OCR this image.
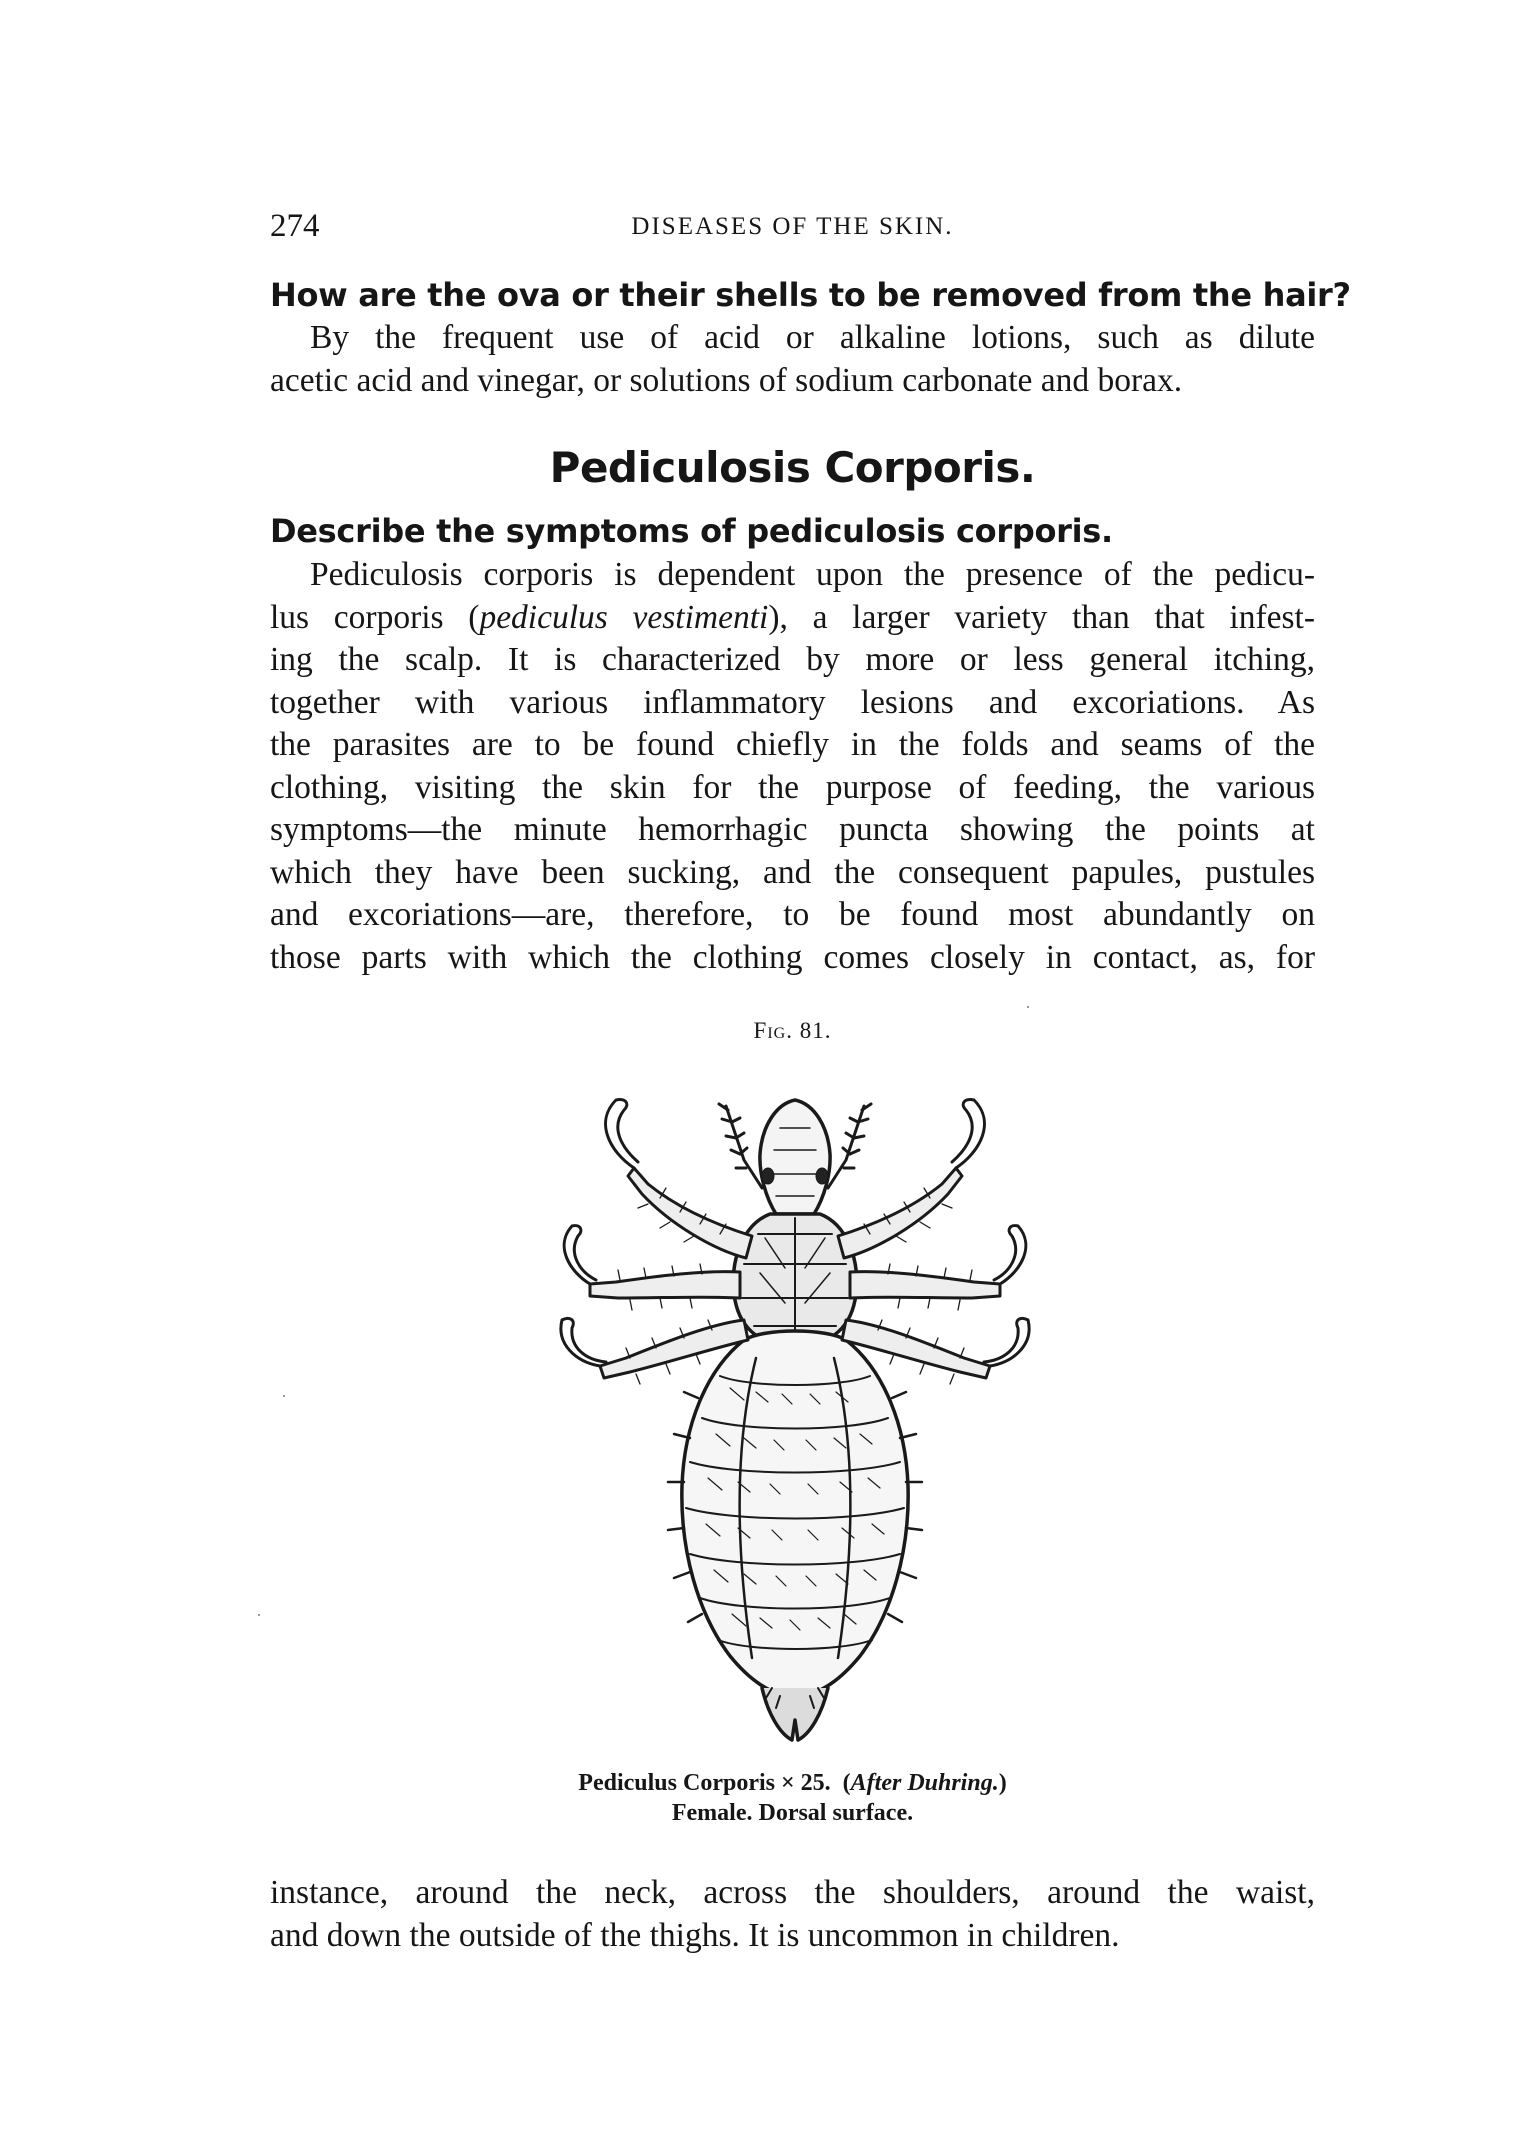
274	DISEASES OF THE SKIN.
How are the ova or their shells to be removed from the hair?
By the frequent use of acid or alkaline lotions, such as dilute
acetic acid and vinegar, or solutions of sodium carbonate and borax.
Pediculosis Corporis.
Describe the symptoms of pediculosis corporis.
Pediculosis corporis is dependent upon the presence of the pedicu-
lus corporis (pediculus vestimenti), a larger variety than that infest-
ing the scalp. It is characterized by more or less general itching,
together with various inflammatory lesions and excoriations. As
the parasites are to be found chiefly in the folds and seams of the
clothing, visiting the skin for the purpose of feeding, the various
symptoms—the minute hemorrhagic puncta showing the points at
which they have been sucking, and the consequent papules, pustules
and excoriations—are, therefore, to be found most abundantly on
those parts with which the clothing comes closely in contact, as, for
Fig. 81.
Pediculus Corporis × 25. (After Duhring.)
Female. Dorsal surface.
instance, around the neck, across the shoulders, around the waist,
and down the outside of the thighs. It is uncommon in children.
